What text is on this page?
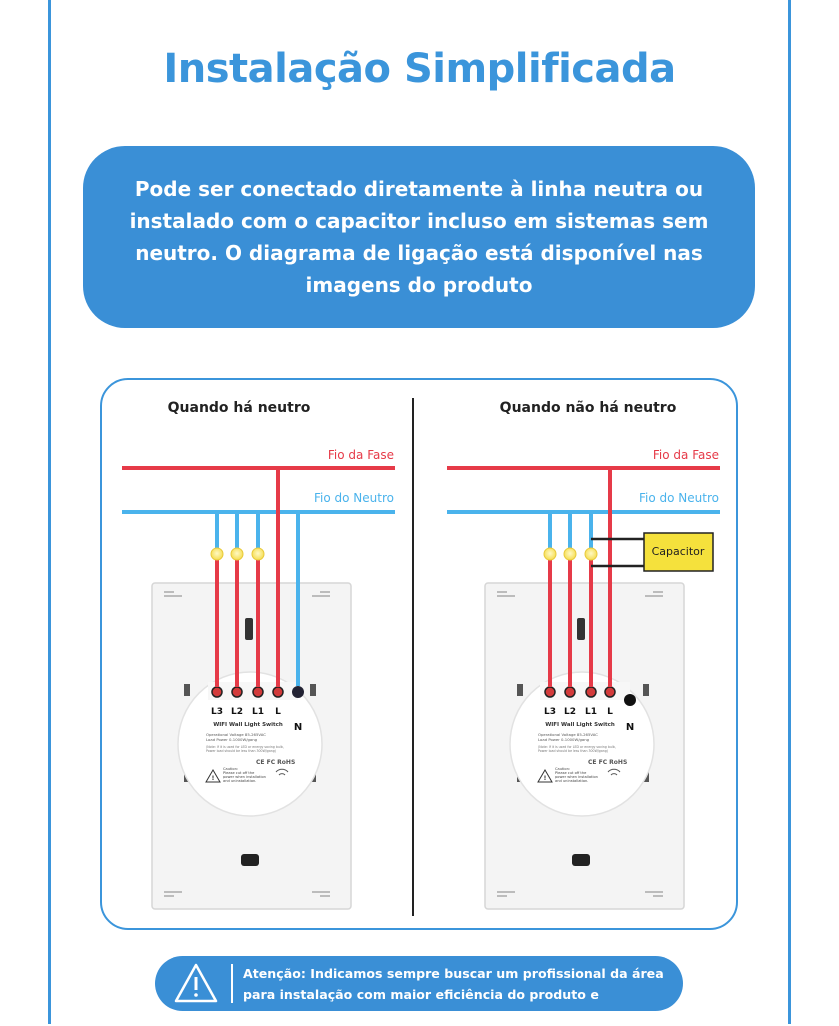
Instalação Simplificada

Pode ser conectado diretamente à linha neutra ou instalado com o capacitor incluso em sistemas sem neutro. O diagrama de ligação está disponível nas imagens do produto

Quando há neutro
L3 L2 L1 L
N
WIFI Wall Light Switch
Operational Voltage 85-265VAC
Load Power 0-1000W/gang
(Note: If it is used for LED or energy saving bulb,
Power load should be less than 300W/gang)
CE FC RoHS
!
Caution:
Please cut off the
power when installation
and uninstallation.
Fio da Fase
Fio do Neutro
Quando não há neutro
L3 L2 L1 L
N
WIFI Wall Light Switch
Operational Voltage 85-265VAC
Load Power 0-1000W/gang
(Note: If it is used for LED or energy saving bulb,
Power load should be less than 300W/gang)
CE FC RoHS
!
Caution:
Please cut off the
power when installation
and uninstallation.
Fio da Fase
Fio do Neutro
Capacitor
Atenção: Indicamos sempre buscar um profissional da área
para instalação com maior eficiência do produto e segurança
